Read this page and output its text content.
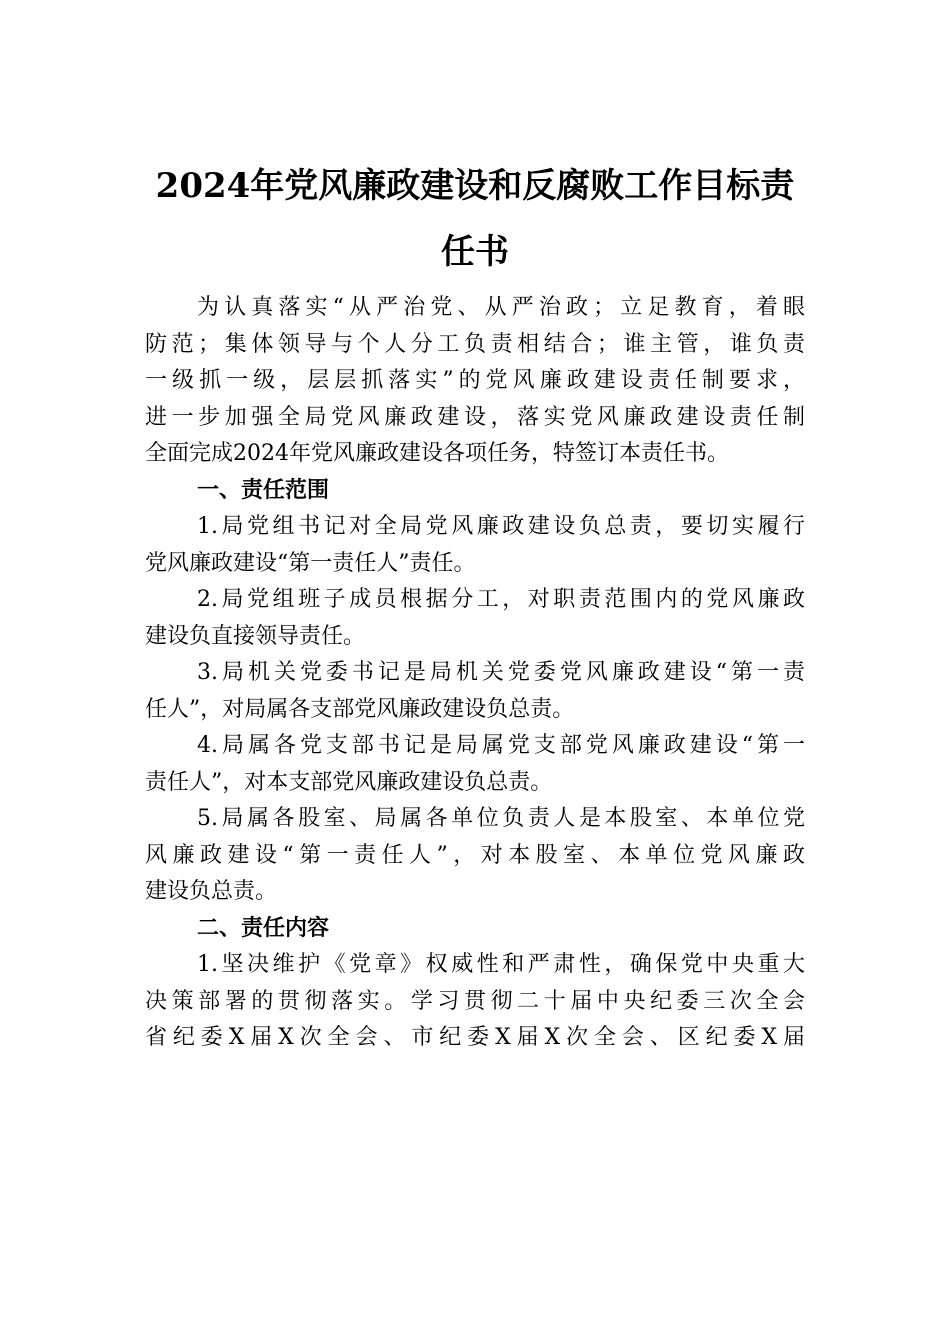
2024年党风廉政建设和反腐败工作目标责
任书
为认真落实“从严治党、从严治政；立足教育，着眼
防范；集体领导与个人分工负责相结合；谁主管，谁负责
一级抓一级，层层抓落实”的党风廉政建设责任制要求，
进一步加强全局党风廉政建设，落实党风廉政建设责任制
全面完成2024年党风廉政建设各项任务，特签订本责任书。
一、责任范围
1.局党组书记对全局党风廉政建设负总责，要切实履行
党风廉政建设“第一责任人”责任。
2.局党组班子成员根据分工，对职责范围内的党风廉政
建设负直接领导责任。
3.局机关党委书记是局机关党委党风廉政建设“第一责
任人”，对局属各支部党风廉政建设负总责。
4.局属各党支部书记是局属党支部党风廉政建设“第一
责任人”，对本支部党风廉政建设负总责。
5.局属各股室、局属各单位负责人是本股室、本单位党
风廉政建设“第一责任人”，对本股室、本单位党风廉政
建设负总责。
二、责任内容
1.坚决维护《党章》权威性和严肃性，确保党中央重大
决策部署的贯彻落实。学习贯彻二十届中央纪委三次全会
省纪委X届X次全会、市纪委X届X次全会、区纪委X届
